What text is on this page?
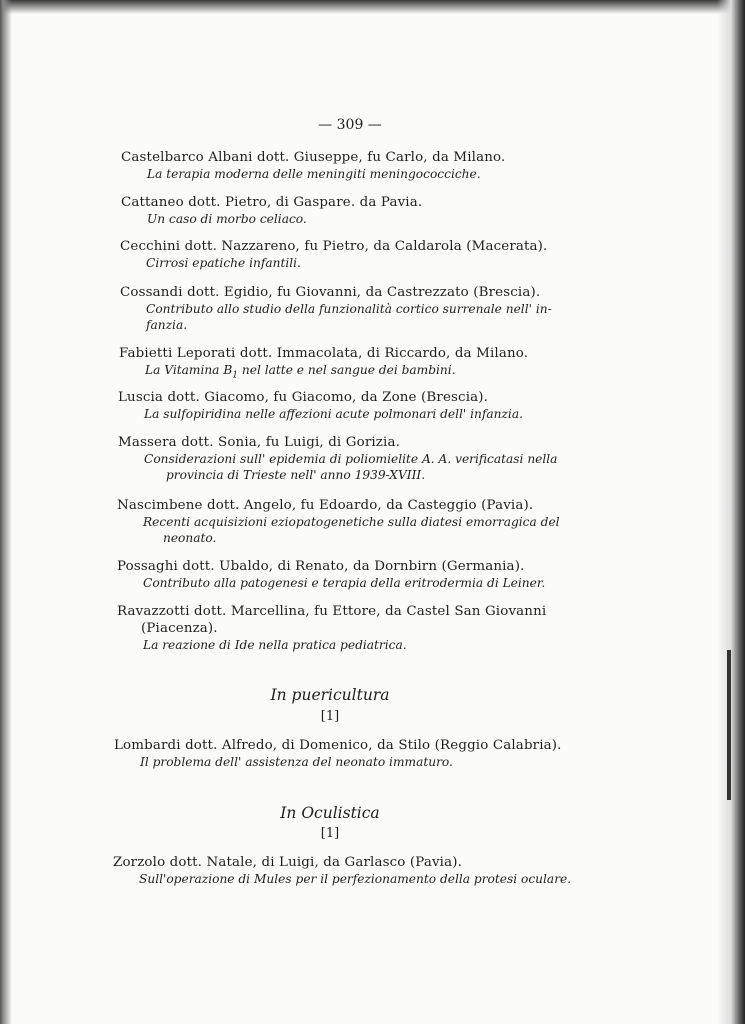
— 309 —
Castelbarco Albani dott. Giuseppe, fu Carlo, da Milano.
La terapia moderna delle meningiti meningococciche.
Cattaneo dott. Pietro, di Gaspare. da Pavia.
Un caso di morbo celiaco.
Cecchini dott. Nazzareno, fu Pietro, da Caldarola (Macerata).
Cirrosi epatiche infantili.
Cossandi dott. Egidio, fu Giovanni, da Castrezzato (Brescia).
Contributo allo studio della funzionalità cortico surrenale nell' in-
fanzia.
Fabietti Leporati dott. Immacolata, di Riccardo, da Milano.
La Vitamina $B_1$ nel latte e nel sangue dei bambini.
Luscia dott. Giacomo, fu Giacomo, da Zone (Brescia).
La sulfopiridina nelle affezioni acute polmonari dell' infanzia.
Massera dott. Sonia, fu Luigi, di Gorizia.
Considerazioni sull' epidemia di poliomielite A. A. verificatasi nella
provincia di Trieste nell' anno 1939-XVIII.
Nascimbene dott. Angelo, fu Edoardo, da Casteggio (Pavia).
Recenti acquisizioni eziopatogenetiche sulla diatesi emorragica del
neonato.
Possaghi dott. Ubaldo, di Renato, da Dornbirn (Germania).
Contributo alla patogenesi e terapia della eritrodermia di Leiner.
Ravazzotti dott. Marcellina, fu Ettore, da Castel San Giovanni
(Piacenza).
La reazione di Ide nella pratica pediatrica.
In puericultura
[1]
Lombardi dott. Alfredo, di Domenico, da Stilo (Reggio Calabria).
Il problema dell' assistenza del neonato immaturo.
In Oculistica
[1]
Zorzolo dott. Natale, di Luigi, da Garlasco (Pavia).
Sull'operazione di Mules per il perfezionamento della protesi oculare.
